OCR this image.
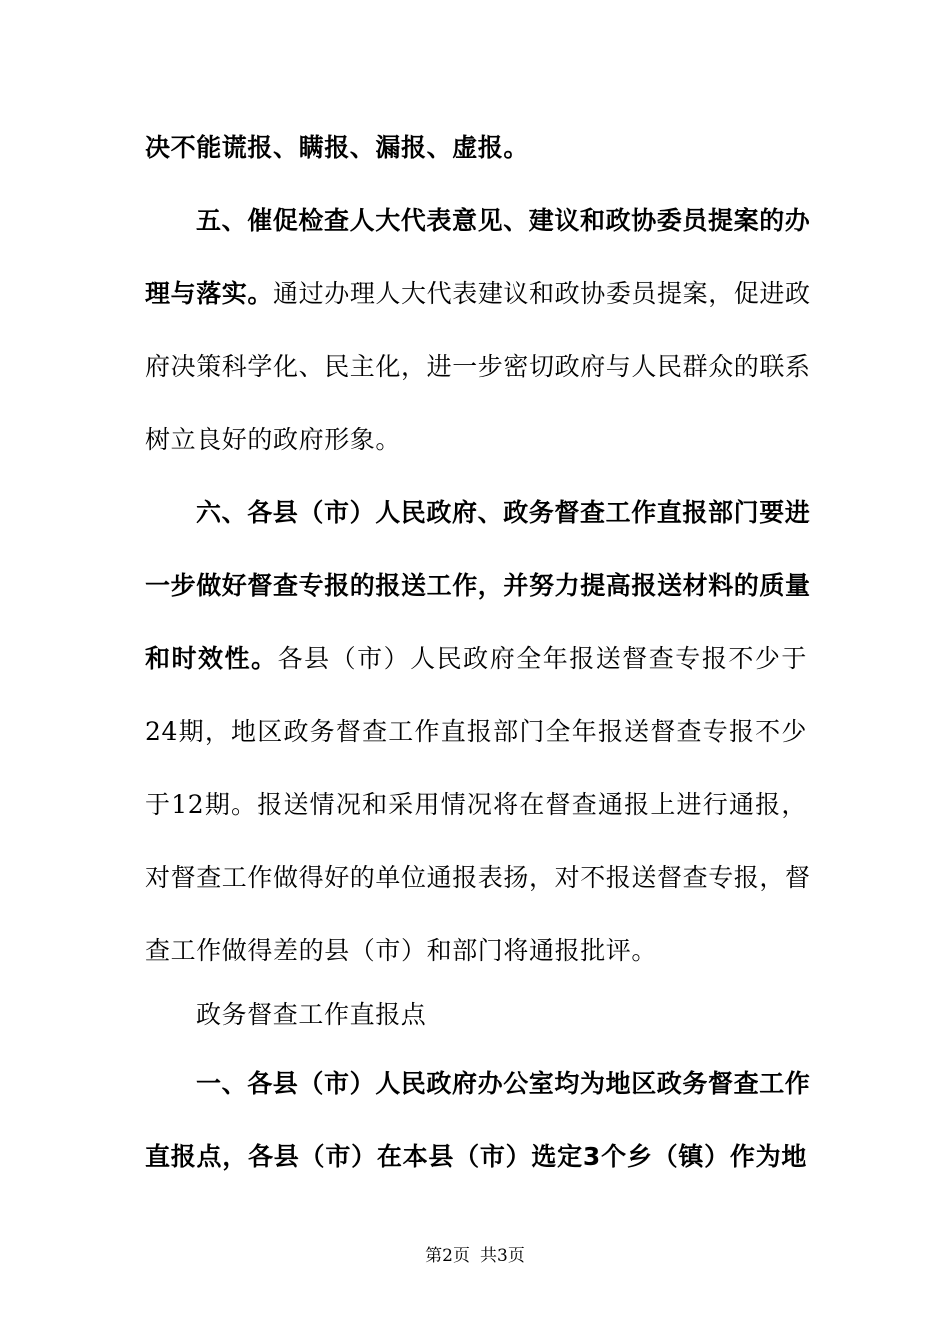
决不能谎报、瞒报、漏报、虚报。
五、催促检查人大代表意见、建议和政协委员提案的办
理与落实。通过办理人大代表建议和政协委员提案，促进政
府决策科学化、民主化，进一步密切政府与人民群众的联系
树立良好的政府形象。
六、各县（市）人民政府、政务督查工作直报部门要进
一步做好督查专报的报送工作，并努力提高报送材料的质量
和时效性。各县（市）人民政府全年报送督查专报不少于
24期，地区政务督查工作直报部门全年报送督查专报不少
于12期。报送情况和采用情况将在督查通报上进行通报，
对督查工作做得好的单位通报表扬，对不报送督查专报，督
查工作做得差的县（市）和部门将通报批评。
政务督查工作直报点
一、各县（市）人民政府办公室均为地区政务督查工作
直报点，各县（市）在本县（市）选定3个乡（镇）作为地
第2页 共3页
